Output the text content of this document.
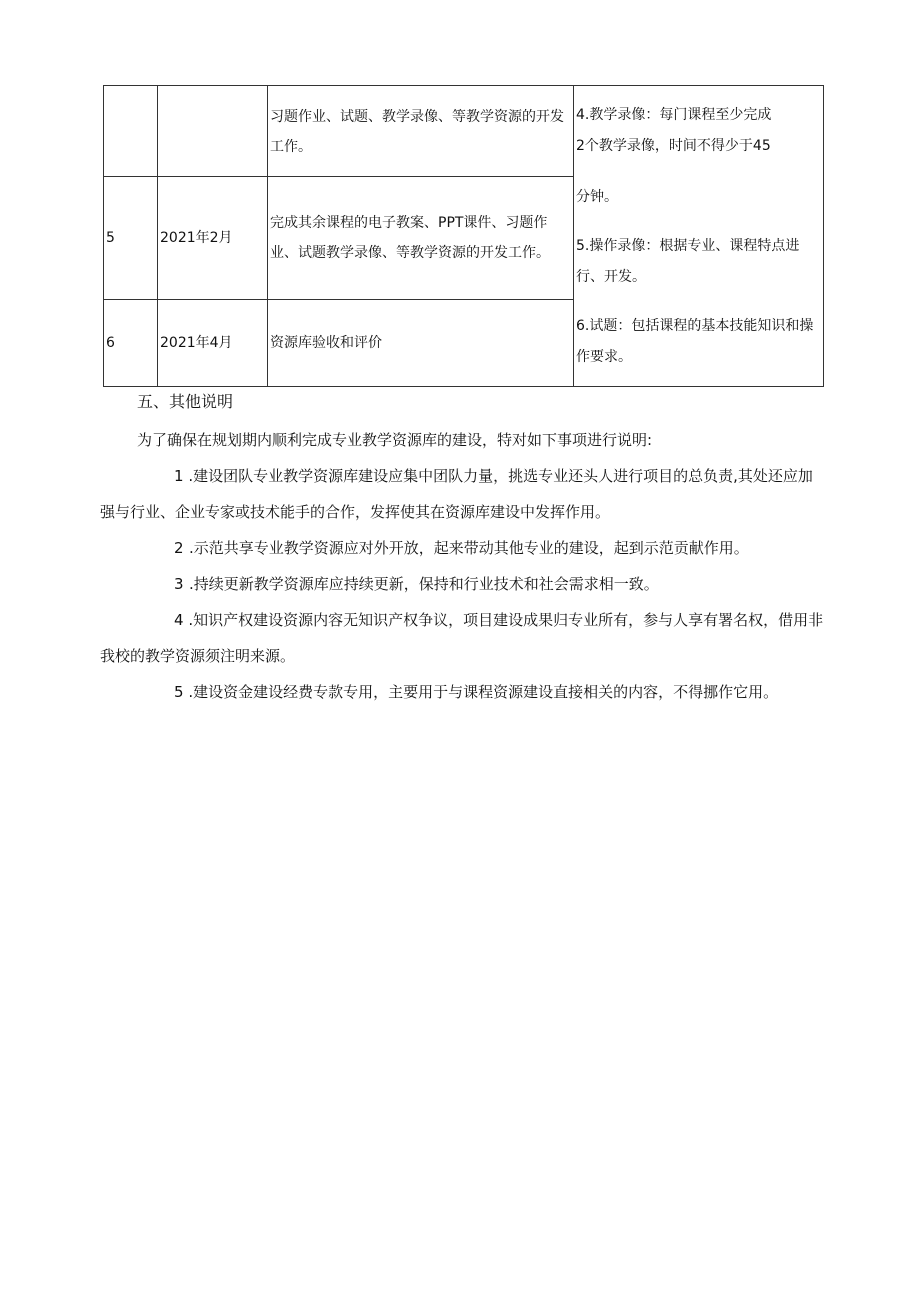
		习题作业、试题、教学录像、等教学资源的开发工作。	4.教学录像：每门课程至少完成

2个教学录像，时间不得少于45

分钟。

5.操作录像：根据专业、课程特点进行、开发。

6.试题：包括课程的基本技能知识和操作要求。

5	2021年2月	完成其余课程的电子教案、PPT课件、习题作业、试题教学录像、等教学资源的开发工作。	
6	2021年4月	资源库验收和评价	

五、其他说明

为了确保在规划期内顺利完成专业教学资源库的建设，特对如下事项进行说明:

1 .建设团队专业教学资源库建设应集中团队力量，挑选专业还头人进行项目的总负责,其处还应加强与行业、企业专家或技术能手的合作，发挥使其在资源库建设中发挥作用。

2 .示范共享专业教学资源应对外开放，起来带动其他专业的建设，起到示范贡献作用。

3 .持续更新教学资源库应持续更新，保持和行业技术和社会需求相一致。

4 .知识产权建设资源内容无知识产权争议，项目建设成果归专业所有，参与人享有署名权，借用非我校的教学资源须注明来源。

5 .建设资金建设经费专款专用，主要用于与课程资源建设直接相关的内容，不得挪作它用。
